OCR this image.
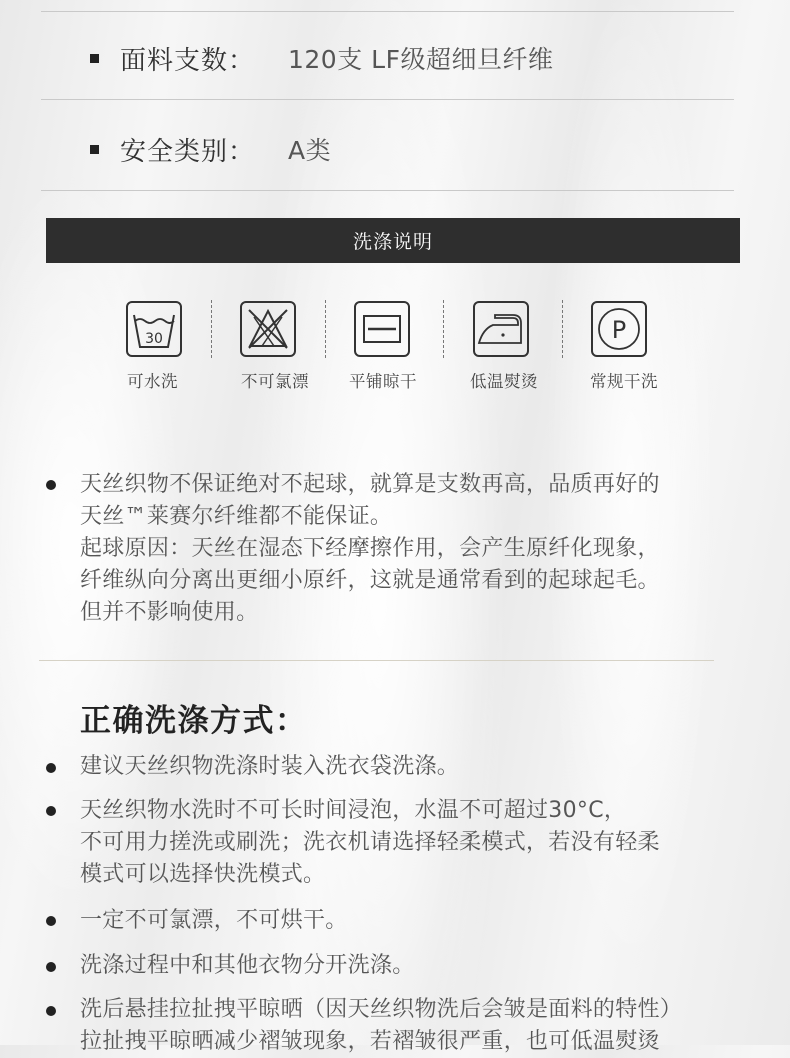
面料支数： 120支 LF级超细旦纤维
安全类别： A类
洗涤说明
30
可水洗	不可氯漂 平铺晾干	低温熨烫
P
常规干洗
天丝织物不保证绝对不起球，就算是支数再高，品质再好的
天丝™莱赛尔纤维都不能保证。
起球原因：天丝在湿态下经摩擦作用，会产生原纤化现象，
纤维纵向分离出更细小原纤，这就是通常看到的起球起毛。
但并不影响使用。
正确洗涤方式：
建议天丝织物洗涤时装入洗衣袋洗涤。
天丝织物水洗时不可长时间浸泡，水温不可超过30°C，
不可用力搓洗或刷洗；洗衣机请选择轻柔模式，若没有轻柔
模式可以选择快洗模式。
一定不可氯漂，不可烘干。
洗涤过程中和其他衣物分开洗涤。
洗后悬挂拉扯拽平晾晒（因天丝织物洗后会皱是面料的特性）
拉扯拽平晾晒减少褶皱现象，若褶皱很严重，也可低温熨烫
